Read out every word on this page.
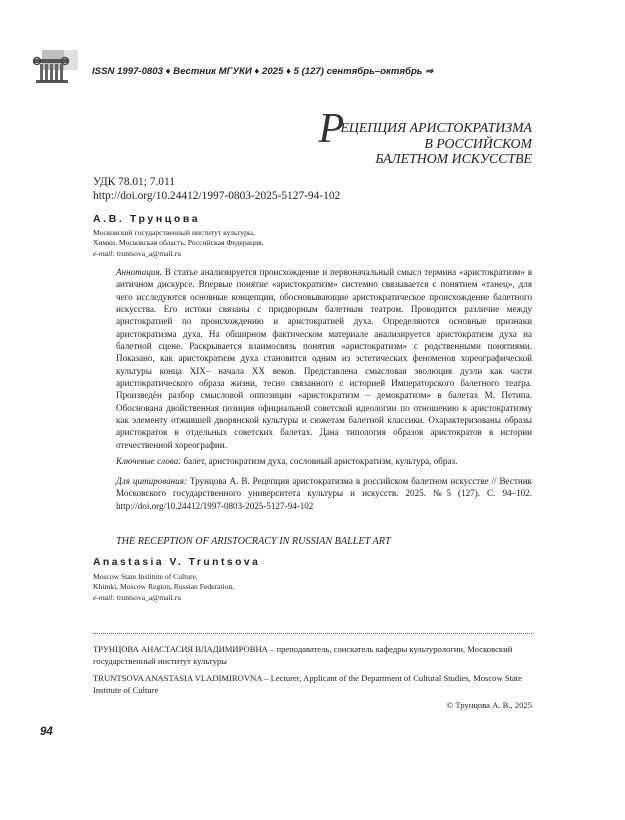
ISSN 1997-0803 ♦ Вестник МГУКИ ♦ 2025 ♦ 5 (127) сентябрь–октябрь ⇒
Р
ЕЦЕПЦИЯ АРИСТОКРАТИЗМА
В РОССИЙСКОМ
БАЛЕТНОМ ИСКУССТВЕ
УДК 78.01; 7.011
http://doi.org/10.24412/1997-0803-2025-5127-94-102
А.В. Трунцова
Московский государственный институт культуры,
Химки, Московская область, Российская Федерация,
e-mail: truntsova_a@mail.ru
Аннотация. В статье анализируется происхождение и первоначальный смысл термина «аристократизм» в античном дискурсе. Впервые понятие «аристократизм» системно связывается с понятием «танец», для чего исследуются основные концепции, обосновывающие аристократическое происхождение балетного искусства. Его истоки связаны с придворным балетным театром. Проводится различие между аристократией по происхождению и аристократией духа. Определяются основные признаки аристократизма духа. На обширном фактическом материале анализируется аристократизм духа на балетной сцене. Раскрывается взаимосвязь понятия «аристократизм» с родственными понятиями. Показано, как аристократизм духа становится одним из эстетических феноменов хореографической культуры конца XIX– начала XX веков. Представлена смысловая эволюция дуэли как части аристократического образа жизни, тесно связанного с историей Императорского балетного театра. Произведён разбор смысловой оппозиции «аристократизм – демократизм» в балетах М. Петипа. Обоснована двойственная позиция официальной советской идеологии по отношению к аристократизму как элементу отжившей дворянской культуры и сюжетам балетной классики. Охарактеризованы образы аристократов в отдельных советских балетах. Дана типология образов аристократов в истории отечественной хореографии.
Ключевые слова: балет, аристократизм духа, сословный аристократизм, культура, образ.
Для цитирования: Трунцова А. В. Рецепция аристократизма в российском балетном искусстве // Вестник Московского государственного университета культуры и искусств. 2025. №5 (127). С. 94–102. http://doi.org/10.24412/1997-0803-2025-5127-94-102
THE RECEPTION OF ARISTOCRACY IN RUSSIAN BALLET ART
Anastasia V. Truntsova
Moscow State Institute of Culture,
Khimki, Moscow Region, Russian Federation,
e-mail: truntsova_a@mail.ru
ТРУНЦОВА АНАСТАСИЯ ВЛАДИМИРОВНА – преподаватель, соискатель кафедры культурологии, Московский государственный институт культуры
TRUNTSOVA ANASTASIA VLADIMIROVNA – Lecturer, Applicant of the Department of Cultural Studies, Moscow State Institute of Culture
© Трунцова А. В., 2025
94
